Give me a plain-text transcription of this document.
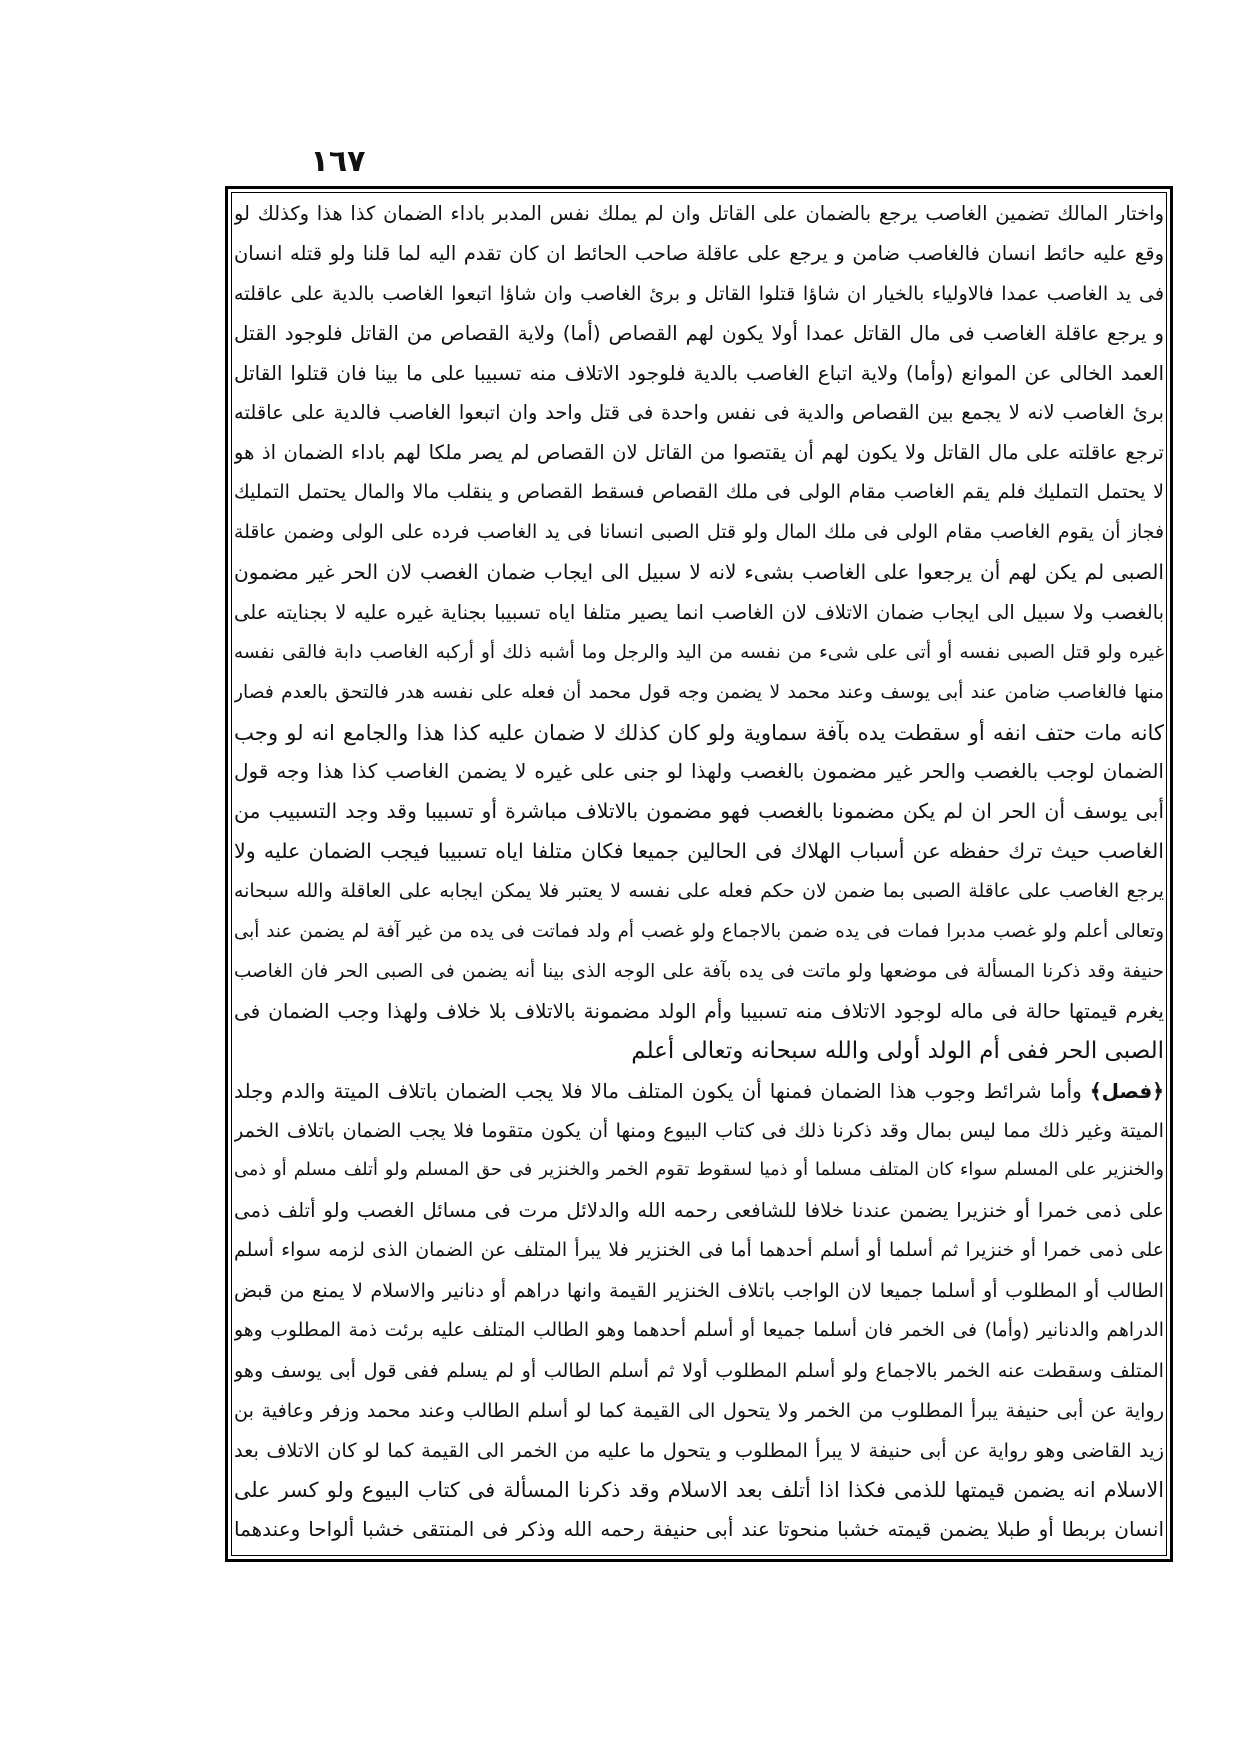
١٦٧
واختار المالك تضمين الغاصب يرجع بالضمان على القاتل وان لم يملك نفس المدبر باداء الضمان كذا هذا وكذلك لو
وقع عليه حائط انسان فالغاصب ضامن و يرجع على عاقلة صاحب الحائط ان كان تقدم اليه لما قلنا ولو قتله انسان
فى يد الغاصب عمدا فالاولياء بالخيار ان شاؤا قتلوا القاتل و برئ الغاصب وان شاؤا اتبعوا الغاصب بالدية على عاقلته
و يرجع عاقلة الغاصب فى مال القاتل عمدا أولا يكون لهم القصاص (أما) ولاية القصاص من القاتل فلوجود القتل
العمد الخالى عن الموانع (وأما) ولاية اتباع الغاصب بالدية فلوجود الاتلاف منه تسبيبا على ما بينا فان قتلوا القاتل
برئ الغاصب لانه لا يجمع بين القصاص والدية فى نفس واحدة فى قتل واحد وان اتبعوا الغاصب فالدية على عاقلته
ترجع عاقلته على مال القاتل ولا يكون لهم أن يقتصوا من القاتل لان القصاص لم يصر ملكا لهم باداء الضمان اذ هو
لا يحتمل التمليك فلم يقم الغاصب مقام الولى فى ملك القصاص فسقط القصاص و ينقلب مالا والمال يحتمل التمليك
فجاز أن يقوم الغاصب مقام الولى فى ملك المال ولو قتل الصبى انسانا فى يد الغاصب فرده على الولى وضمن عاقلة
الصبى لم يكن لهم أن يرجعوا على الغاصب بشىء لانه لا سبيل الى ايجاب ضمان الغصب لان الحر غير مضمون
بالغصب ولا سبيل الى ايجاب ضمان الاتلاف لان الغاصب انما يصير متلفا اياه تسبيبا بجناية غيره عليه لا بجنايته على
غيره ولو قتل الصبى نفسه أو أتى على شىء من نفسه من اليد والرجل وما أشبه ذلك أو أركبه الغاصب دابة فالقى نفسه
منها فالغاصب ضامن عند أبى يوسف وعند محمد لا يضمن وجه قول محمد أن فعله على نفسه هدر فالتحق بالعدم فصار
كانه مات حتف انفه أو سقطت يده بآفة سماوية ولو كان كذلك لا ضمان عليه كذا هذا والجامع انه لو وجب
الضمان لوجب بالغصب والحر غير مضمون بالغصب ولهذا لو جنى على غيره لا يضمن الغاصب كذا هذا وجه قول
أبى يوسف أن الحر ان لم يكن مضمونا بالغصب فهو مضمون بالاتلاف مباشرة أو تسبيبا وقد وجد التسبيب من
الغاصب حيث ترك حفظه عن أسباب الهلاك فى الحالين جميعا فكان متلفا اياه تسبيبا فيجب الضمان عليه ولا
يرجع الغاصب على عاقلة الصبى بما ضمن لان حكم فعله على نفسه لا يعتبر فلا يمكن ايجابه على العاقلة والله سبحانه
وتعالى أعلم ولو غصب مدبرا فمات فى يده ضمن بالاجماع ولو غصب أم ولد فماتت فى يده من غير آفة لم يضمن عند أبى
حنيفة وقد ذكرنا المسألة فى موضعها ولو ماتت فى يده بآفة على الوجه الذى بينا أنه يضمن فى الصبى الحر فان الغاصب
يغرم قيمتها حالة فى ماله لوجود الاتلاف منه تسبيبا وأم الولد مضمونة بالاتلاف بلا خلاف ولهذا وجب الضمان فى
الصبى الحر ففى أم الولد أولى والله سبحانه وتعالى أعلم
﴿فصل﴾ وأما شرائط وجوب هذا الضمان فمنها أن يكون المتلف مالا فلا يجب الضمان باتلاف الميتة والدم وجلد
الميتة وغير ذلك مما ليس بمال وقد ذكرنا ذلك فى كتاب البيوع ومنها أن يكون متقوما فلا يجب الضمان باتلاف الخمر
والخنزير على المسلم سواء كان المتلف مسلما أو ذميا لسقوط تقوم الخمر والخنزير فى حق المسلم ولو أتلف مسلم أو ذمى
على ذمى خمرا أو خنزيرا يضمن عندنا خلافا للشافعى رحمه الله والدلائل مرت فى مسائل الغصب ولو أتلف ذمى
على ذمى خمرا أو خنزيرا ثم أسلما أو أسلم أحدهما أما فى الخنزير فلا يبرأ المتلف عن الضمان الذى لزمه سواء أسلم
الطالب أو المطلوب أو أسلما جميعا لان الواجب باتلاف الخنزير القيمة وانها دراهم أو دنانير والاسلام لا يمنع من قبض
الدراهم والدنانير (وأما) فى الخمر فان أسلما جميعا أو أسلم أحدهما وهو الطالب المتلف عليه برئت ذمة المطلوب وهو
المتلف وسقطت عنه الخمر بالاجماع ولو أسلم المطلوب أولا ثم أسلم الطالب أو لم يسلم ففى قول أبى يوسف وهو
رواية عن أبى حنيفة يبرأ المطلوب من الخمر ولا يتحول الى القيمة كما لو أسلم الطالب وعند محمد وزفر وعافية بن
زيد القاضى وهو رواية عن أبى حنيفة لا يبرأ المطلوب و يتحول ما عليه من الخمر الى القيمة كما لو كان الاتلاف بعد
الاسلام انه يضمن قيمتها للذمى فكذا اذا أتلف بعد الاسلام وقد ذكرنا المسألة فى كتاب البيوع ولو كسر على
انسان بربطا أو طبلا يضمن قيمته خشبا منحوتا عند أبى حنيفة رحمه الله وذكر فى المنتقى خشبا ألواحا وعندهما
